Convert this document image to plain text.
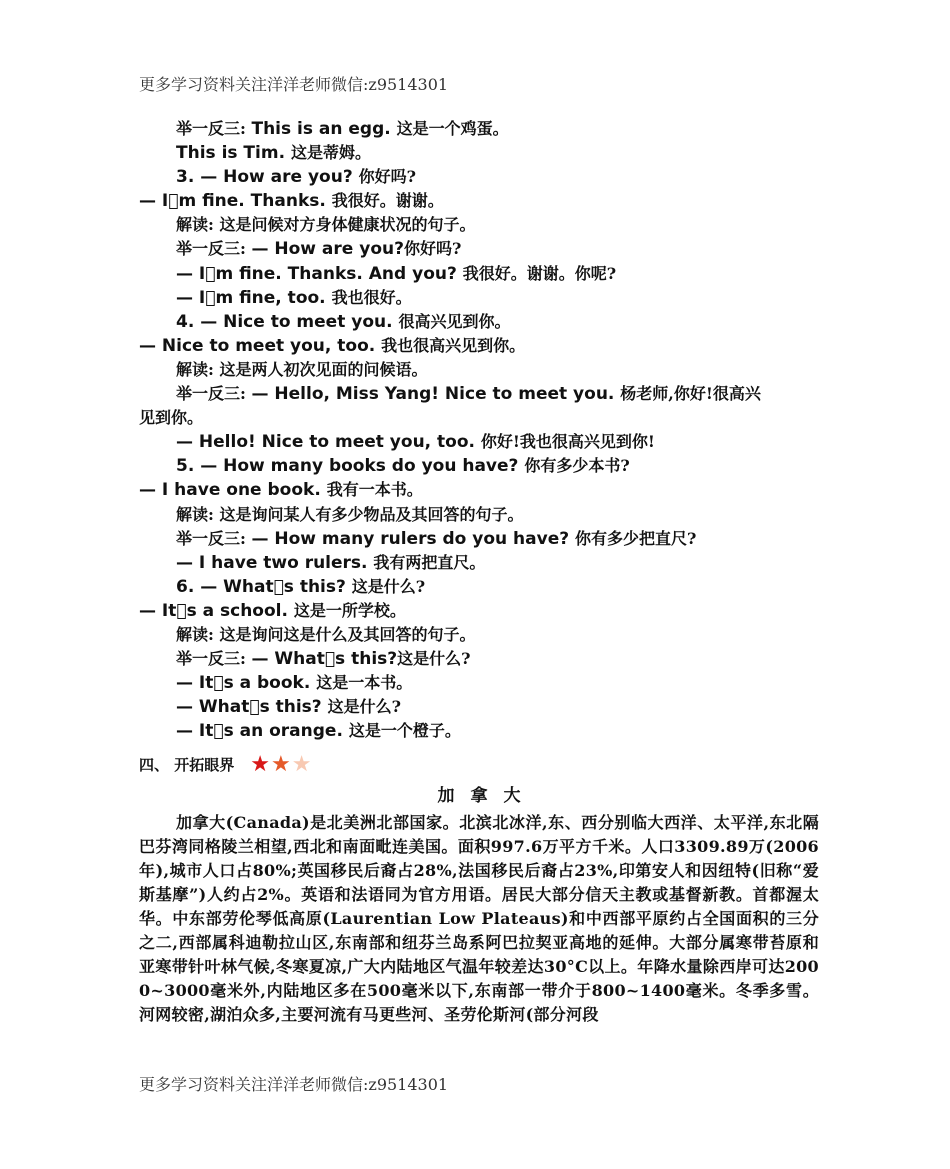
更多学习资料关注洋洋老师微信:z9514301
举一反三: This is an egg. 这是一个鸡蛋。
This is Tim. 这是蒂姆。
3. — How are you? 你好吗?
— I m fine. Thanks. 我很好。谢谢。
解读: 这是问候对方身体健康状况的句子。
举一反三: — How are you?你好吗?
— I m fine. Thanks. And you? 我很好。谢谢。你呢?
— I m fine, too. 我也很好。
4. — Nice to meet you. 很高兴见到你。
— Nice to meet you, too. 我也很高兴见到你。
解读: 这是两人初次见面的问候语。
举一反三: — Hello, Miss Yang! Nice to meet you. 杨老师,你好!很高兴
见到你。
— Hello! Nice to meet you, too. 你好!我也很高兴见到你!
5. — How many books do you have? 你有多少本书?
— I have one book. 我有一本书。
解读: 这是询问某人有多少物品及其回答的句子。
举一反三: — How many rulers do you have? 你有多少把直尺?
— I have two rulers. 我有两把直尺。
6. — What s this? 这是什么?
— It s a school. 这是一所学校。
解读: 这是询问这是什么及其回答的句子。
举一反三: — What s this?这是什么?
— It s a book. 这是一本书。
— What s this? 这是什么?
— It s an orange. 这是一个橙子。
四、 开拓眼界 ★ ★ ★
加拿大
加拿大(Canada)是北美洲北部国家。北滨北冰洋,东、西分别临大西洋、太平洋,东北隔巴芬湾同格陵兰相望,西北和南面毗连美国。面积997.6万平方千米。人口3309.89万(2006年),城市人口占80%;英国移民后裔占28%,法国移民后裔占23%,印第安人和因纽特(旧称“爱斯基摩”)人约占2%。英语和法语同为官方用语。居民大部分信天主教或基督新教。首都渥太华。中东部劳伦琴低高原(Laurentian Low Plateaus)和中西部平原约占全国面积的三分之二,西部属科迪勒拉山区,东南部和纽芬兰岛系阿巴拉契亚高地的延伸。大部分属寒带苔原和亚寒带针叶林气候,冬寒夏凉,广大内陆地区气温年较差达30°C以上。年降水量除西岸可达2000~3000毫米外,内陆地区多在500毫米以下,东南部一带介于800~1400毫米。冬季多雪。河网较密,湖泊众多,主要河流有马更些河、圣劳伦斯河(部分河段
更多学习资料关注洋洋老师微信:z9514301
